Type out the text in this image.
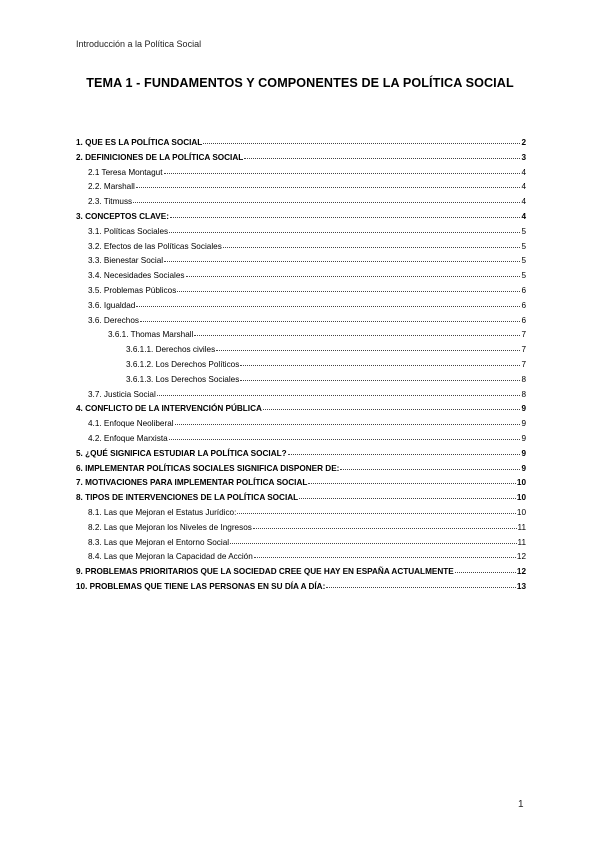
Introducción a la Política Social
TEMA 1 - FUNDAMENTOS Y COMPONENTES DE LA POLÍTICA SOCIAL
1. QUE ES LA POLÍTICA SOCIAL	2
2. DEFINICIONES DE LA POLÍTICA SOCIAL	3
2.1 Teresa Montagut	4
2.2. Marshall	4
2.3. Titmuss	4
3. CONCEPTOS CLAVE:	4
3.1. Políticas Sociales	5
3.2. Efectos de las Políticas Sociales	5
3.3. Bienestar Social	5
3.4. Necesidades Sociales	5
3.5. Problemas Públicos	6
3.6. Igualdad	6
3.6. Derechos	6
3.6.1. Thomas Marshall	7
3.6.1.1. Derechos civiles	7
3.6.1.2. Los Derechos Políticos	7
3.6.1.3. Los Derechos Sociales	8
3.7. Justicia Social	8
4. CONFLICTO DE LA INTERVENCIÓN PÚBLICA	9
4.1. Enfoque Neoliberal	9
4.2. Enfoque Marxista	9
5. ¿QUÉ SIGNIFICA ESTUDIAR LA POLÍTICA SOCIAL?	9
6. IMPLEMENTAR POLÍTICAS SOCIALES SIGNIFICA DISPONER DE:	9
7. MOTIVACIONES PARA IMPLEMENTAR POLÍTICA SOCIAL	10
8. TIPOS DE INTERVENCIONES DE LA POLÍTICA SOCIAL	10
8.1. Las que Mejoran el Estatus Jurídico:	10
8.2. Las que Mejoran los Niveles de Ingresos	11
8.3. Las que Mejoran el Entorno Social	11
8.4. Las que Mejoran la Capacidad de Acción	12
9. PROBLEMAS PRIORITARIOS QUE LA SOCIEDAD CREE QUE HAY EN ESPAÑA ACTUALMENTE	12
10. PROBLEMAS QUE TIENE LAS PERSONAS EN SU DÍA A DÍA:	13
1
